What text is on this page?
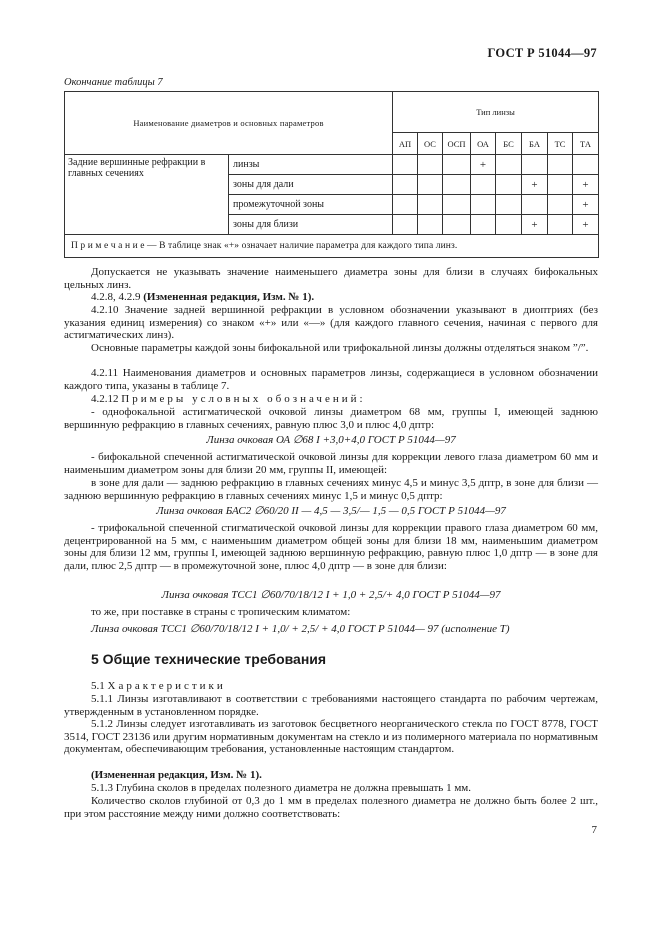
ГОСТ Р 51044—97
Окончание таблицы 7
Наименование диаметров и основных параметров		Тип линзы							
		АП	ОС	ОСП	ОА	БС	БА	ТС	ТА
Задние вершинные рефракции в главных сечениях	линзы				+				
	зоны для дали						+		+
	промежуточной зоны								+
	зоны для близи						+		+
П р и м е ч а н и е — В таблице знак «+» означает наличие параметра для каждого типа линз.									
Допускается не указывать значение наименьшего диаметра зоны для близи в случаях бифокальных цельных линз.
4.2.8, 4.2.9 (Измененная редакция, Изм. № 1).
4.2.10 Значение задней вершинной рефракции в условном обозначении указывают в диоптриях (без указания единиц измерения) со знаком «+» или «—» (для каждого главного сечения, начиная с первого для астигматических линз).
Основные параметры каждой зоны бифокальной или трифокальной линзы должны отделяться знаком ”/”.
4.2.11 Наименования диаметров и основных параметров линзы, содержащиеся в условном обозначении каждого типа, указаны в таблице 7.
4.2.12 Примеры условных обозначений:
- однофокальной астигматической очковой линзы диаметром 68 мм, группы I, имеющей заднюю вершинную рефракцию в главных сечениях, равную плюс 3,0 и плюс 4,0 дптр:
Линза очковая ОА ∅68 I +3,0+4,0 ГОСТ Р 51044—97
- бифокальной спеченной астигматической очковой линзы для коррекции левого глаза диаметром 60 мм и наименьшим диаметром зоны для близи 20 мм, группы II, имеющей:
в зоне для дали — заднюю рефракцию в главных сечениях минус 4,5 и минус 3,5 дптр, в зоне для близи — заднюю вершинную рефракцию в главных сечениях минус 1,5 и минус 0,5 дптр:
Линза очковая БАС2 ∅60/20 II — 4,5 — 3,5/— 1,5 — 0,5 ГОСТ Р 51044—97
- трифокальной спеченной стигматической очковой линзы для коррекции правого глаза диаметром 60 мм, децентрированной на 5 мм, с наименьшим диаметром общей зоны для близи 18 мм, наименьшим диаметром зоны для близи 12 мм, группы I, имеющей заднюю вершинную рефракцию, равную плюс 1,0 дптр — в зоне для дали, плюс 2,5 дптр — в промежуточной зоне, плюс 4,0 дптр — в зоне для близи:
Линза очковая ТСС1 ∅60/70/18/12 I + 1,0 + 2,5/+ 4,0 ГОСТ Р 51044—97
то же, при поставке в страны с тропическим климатом:
Линза очковая ТСС1 ∅60/70/18/12 I + 1,0/ + 2,5/ + 4,0 ГОСТ Р 51044— 97 (исполнение Т)
5 Общие технические требования
5.1 Характеристики
5.1.1 Линзы изготавливают в соответствии с требованиями настоящего стандарта по рабочим чертежам, утвержденным в установленном порядке.
5.1.2 Линзы следует изготавливать из заготовок бесцветного неорганического стекла по ГОСТ 8778, ГОСТ 3514, ГОСТ 23136 или другим нормативным документам на стекло и из полимерного материала по нормативным документам, обеспечивающим требования, установленные настоящим стандартом.
(Измененная редакция, Изм. № 1).
5.1.3 Глубина сколов в пределах полезного диаметра не должна превышать 1 мм.
Количество сколов глубиной от 0,3 до 1 мм в пределах полезного диаметра не должно быть более 2 шт., при этом расстояние между ними должно соответствовать:
7
